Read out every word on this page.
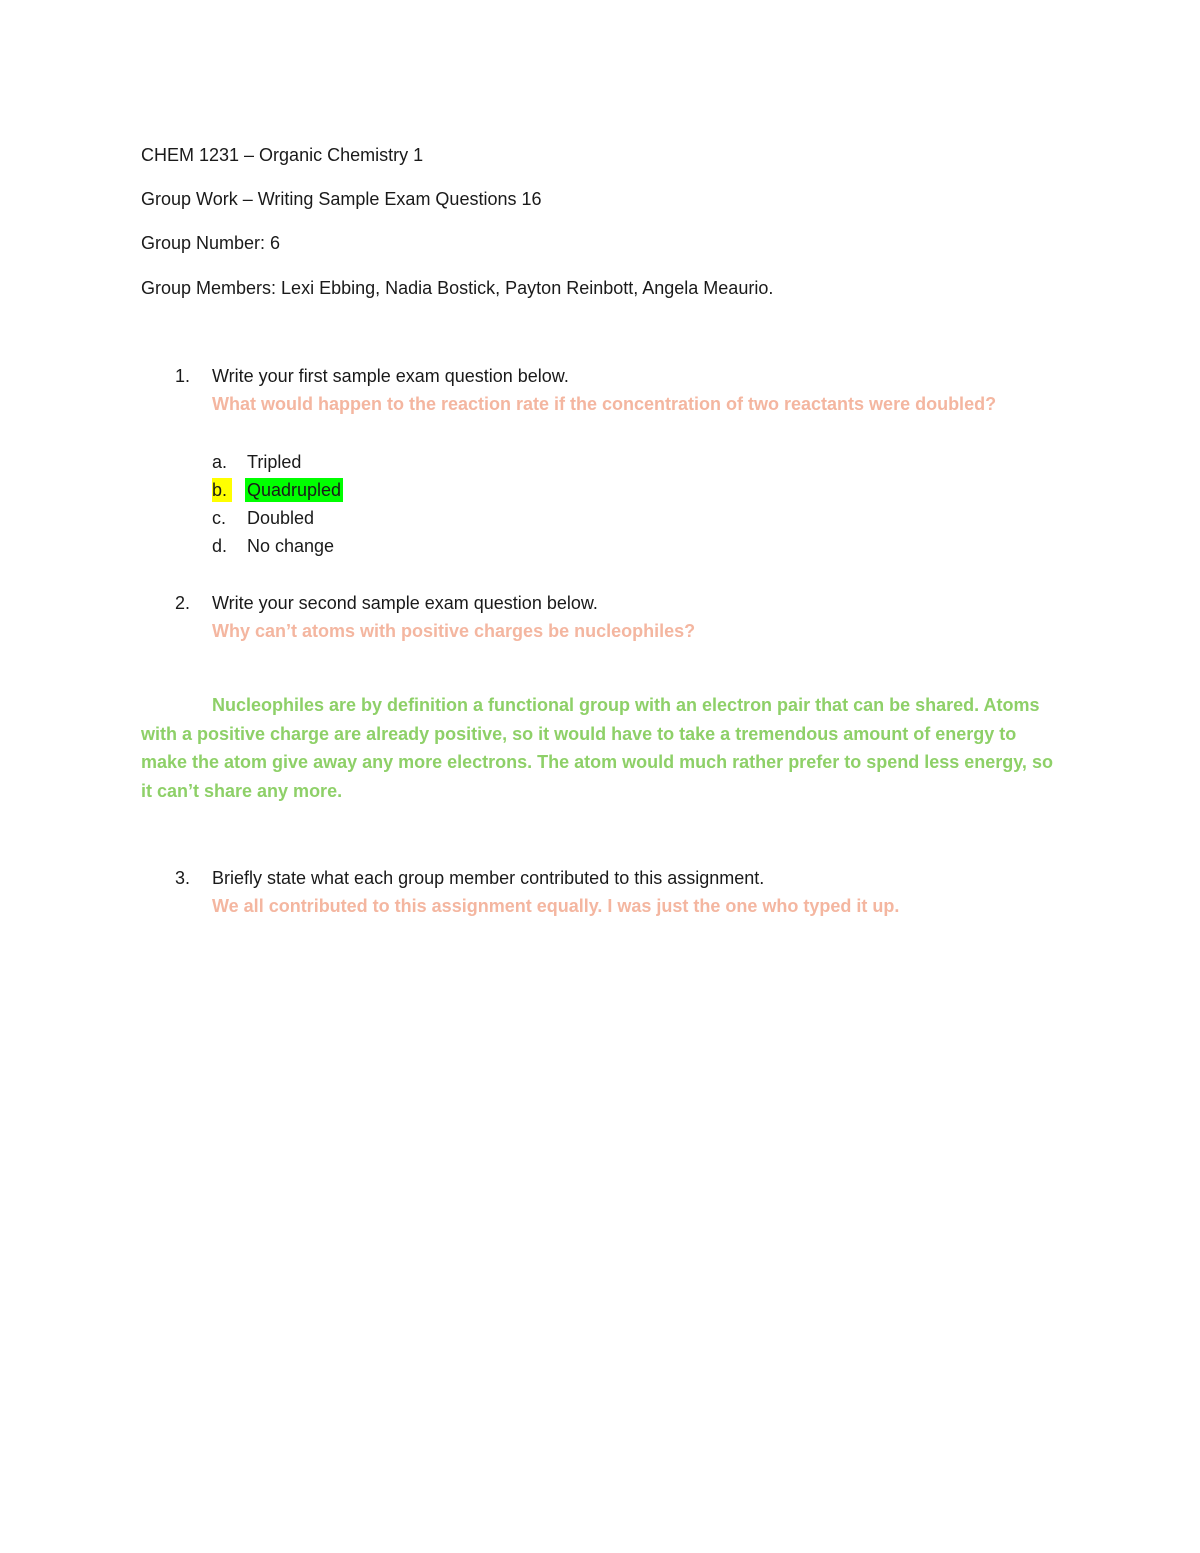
CHEM 1231 – Organic Chemistry 1
Group Work – Writing Sample Exam Questions 16
Group Number: 6
Group Members: Lexi Ebbing, Nadia Bostick, Payton Reinbott, Angela Meaurio.
1. Write your first sample exam question below.
What would happen to the reaction rate if the concentration of two reactants were doubled?
a. Tripled
b. Quadrupled
c. Doubled
d. No change
2. Write your second sample exam question below.
Why can’t atoms with positive charges be nucleophiles?
Nucleophiles are by definition a functional group with an electron pair that can be shared. Atoms with a positive charge are already positive, so it would have to take a tremendous amount of energy to make the atom give away any more electrons. The atom would much rather prefer to spend less energy, so it can’t share any more.
3. Briefly state what each group member contributed to this assignment.
We all contributed to this assignment equally. I was just the one who typed it up.
